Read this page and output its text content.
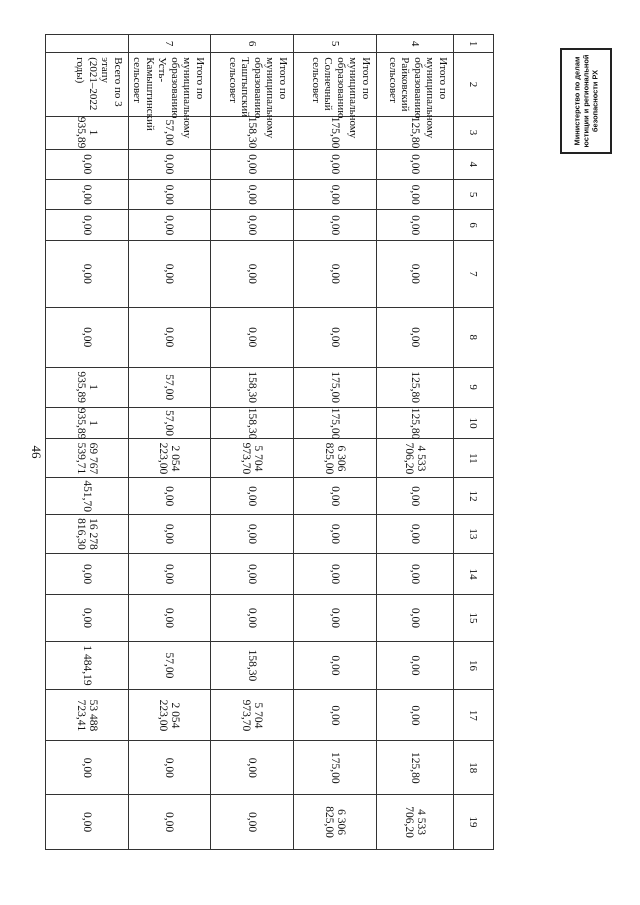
46
Министерство по делам юстиции и региональной безопасности РХ
1	2	3	4	5	6	7	8	9	10	11	12	13	14	15	16	17	18	19
4	Итого по муниципальному образованию Райковский сельсовет	125,80	0,00	0,00	0,00	0,00	0,00	125,80	125,80	4 533 706,20	0,00	0,00	0,00	0,00	0,00	0,00	125,80	4 533 706,20
5	Итого по муниципальному образованию Солнечный сельсовет	175,00	0,00	0,00	0,00	0,00	0,00	175,00	175,00	6 306 825,00	0,00	0,00	0,00	0,00	0,00	0,00	175,00	6 306 825,00
6	Итого по муниципальному образованию Таштыпский сельсовет	158,30	0,00	0,00	0,00	0,00	0,00	158,30	158,30	5 704 973,70	0,00	0,00	0,00	0,00	158,30	5 704 973,70	0,00	0,00
7	Итого по муниципальному образованию Усть-Камыштинский сельсовет	57,00	0,00	0,00	0,00	0,00	0,00	57,00	57,00	2 054 223,00	0,00	0,00	0,00	0,00	57,00	2 054 223,00	0,00	0,00
	Всего по 3 этапу (2021–2022 годы)	1 935,89	0,00	0,00	0,00	0,00	0,00	1 935,89	1 935,89	69 767 539,71	451,70	16 278 816,30	0,00	0,00	1 484,19	53 488 723,41	0,00	0,00
